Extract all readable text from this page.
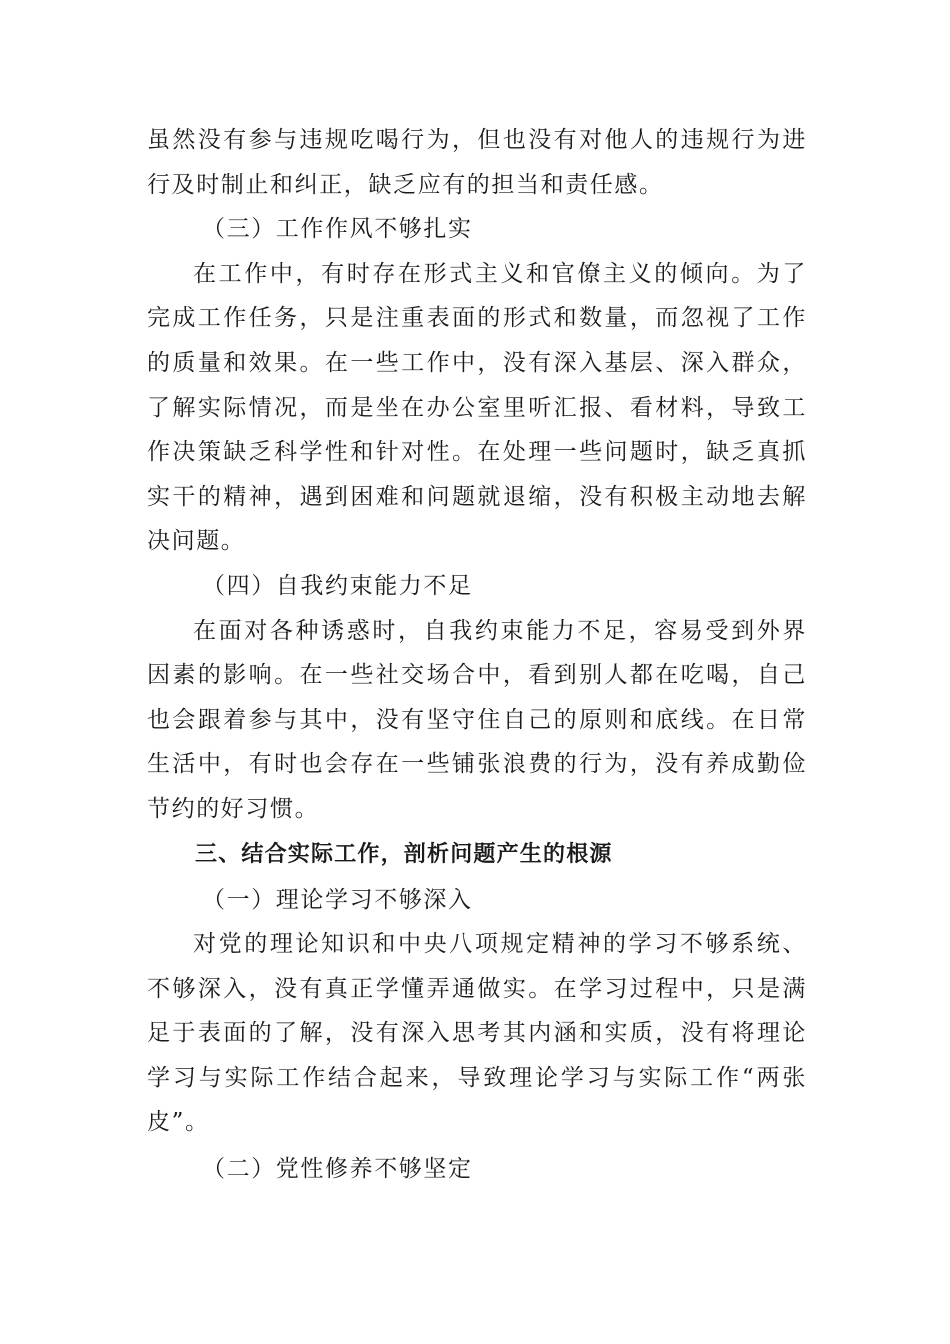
虽然没有参与违规吃喝行为，但也没有对他人的违规行为进行及时制止和纠正，缺乏应有的担当和责任感。

（三）工作作风不够扎实

在工作中，有时存在形式主义和官僚主义的倾向。为了完成工作任务，只是注重表面的形式和数量，而忽视了工作的质量和效果。在一些工作中，没有深入基层、深入群众，了解实际情况，而是坐在办公室里听汇报、看材料，导致工作决策缺乏科学性和针对性。在处理一些问题时，缺乏真抓实干的精神，遇到困难和问题就退缩，没有积极主动地去解决问题。

（四）自我约束能力不足

在面对各种诱惑时，自我约束能力不足，容易受到外界因素的影响。在一些社交场合中，看到别人都在吃喝，自己也会跟着参与其中，没有坚守住自己的原则和底线。在日常生活中，有时也会存在一些铺张浪费的行为，没有养成勤俭节约的好习惯。

三、结合实际工作，剖析问题产生的根源

（一）理论学习不够深入

对党的理论知识和中央八项规定精神的学习不够系统、不够深入，没有真正学懂弄通做实。在学习过程中，只是满足于表面的了解，没有深入思考其内涵和实质，没有将理论学习与实际工作结合起来，导致理论学习与实际工作“两张皮”。

（二）党性修养不够坚定
